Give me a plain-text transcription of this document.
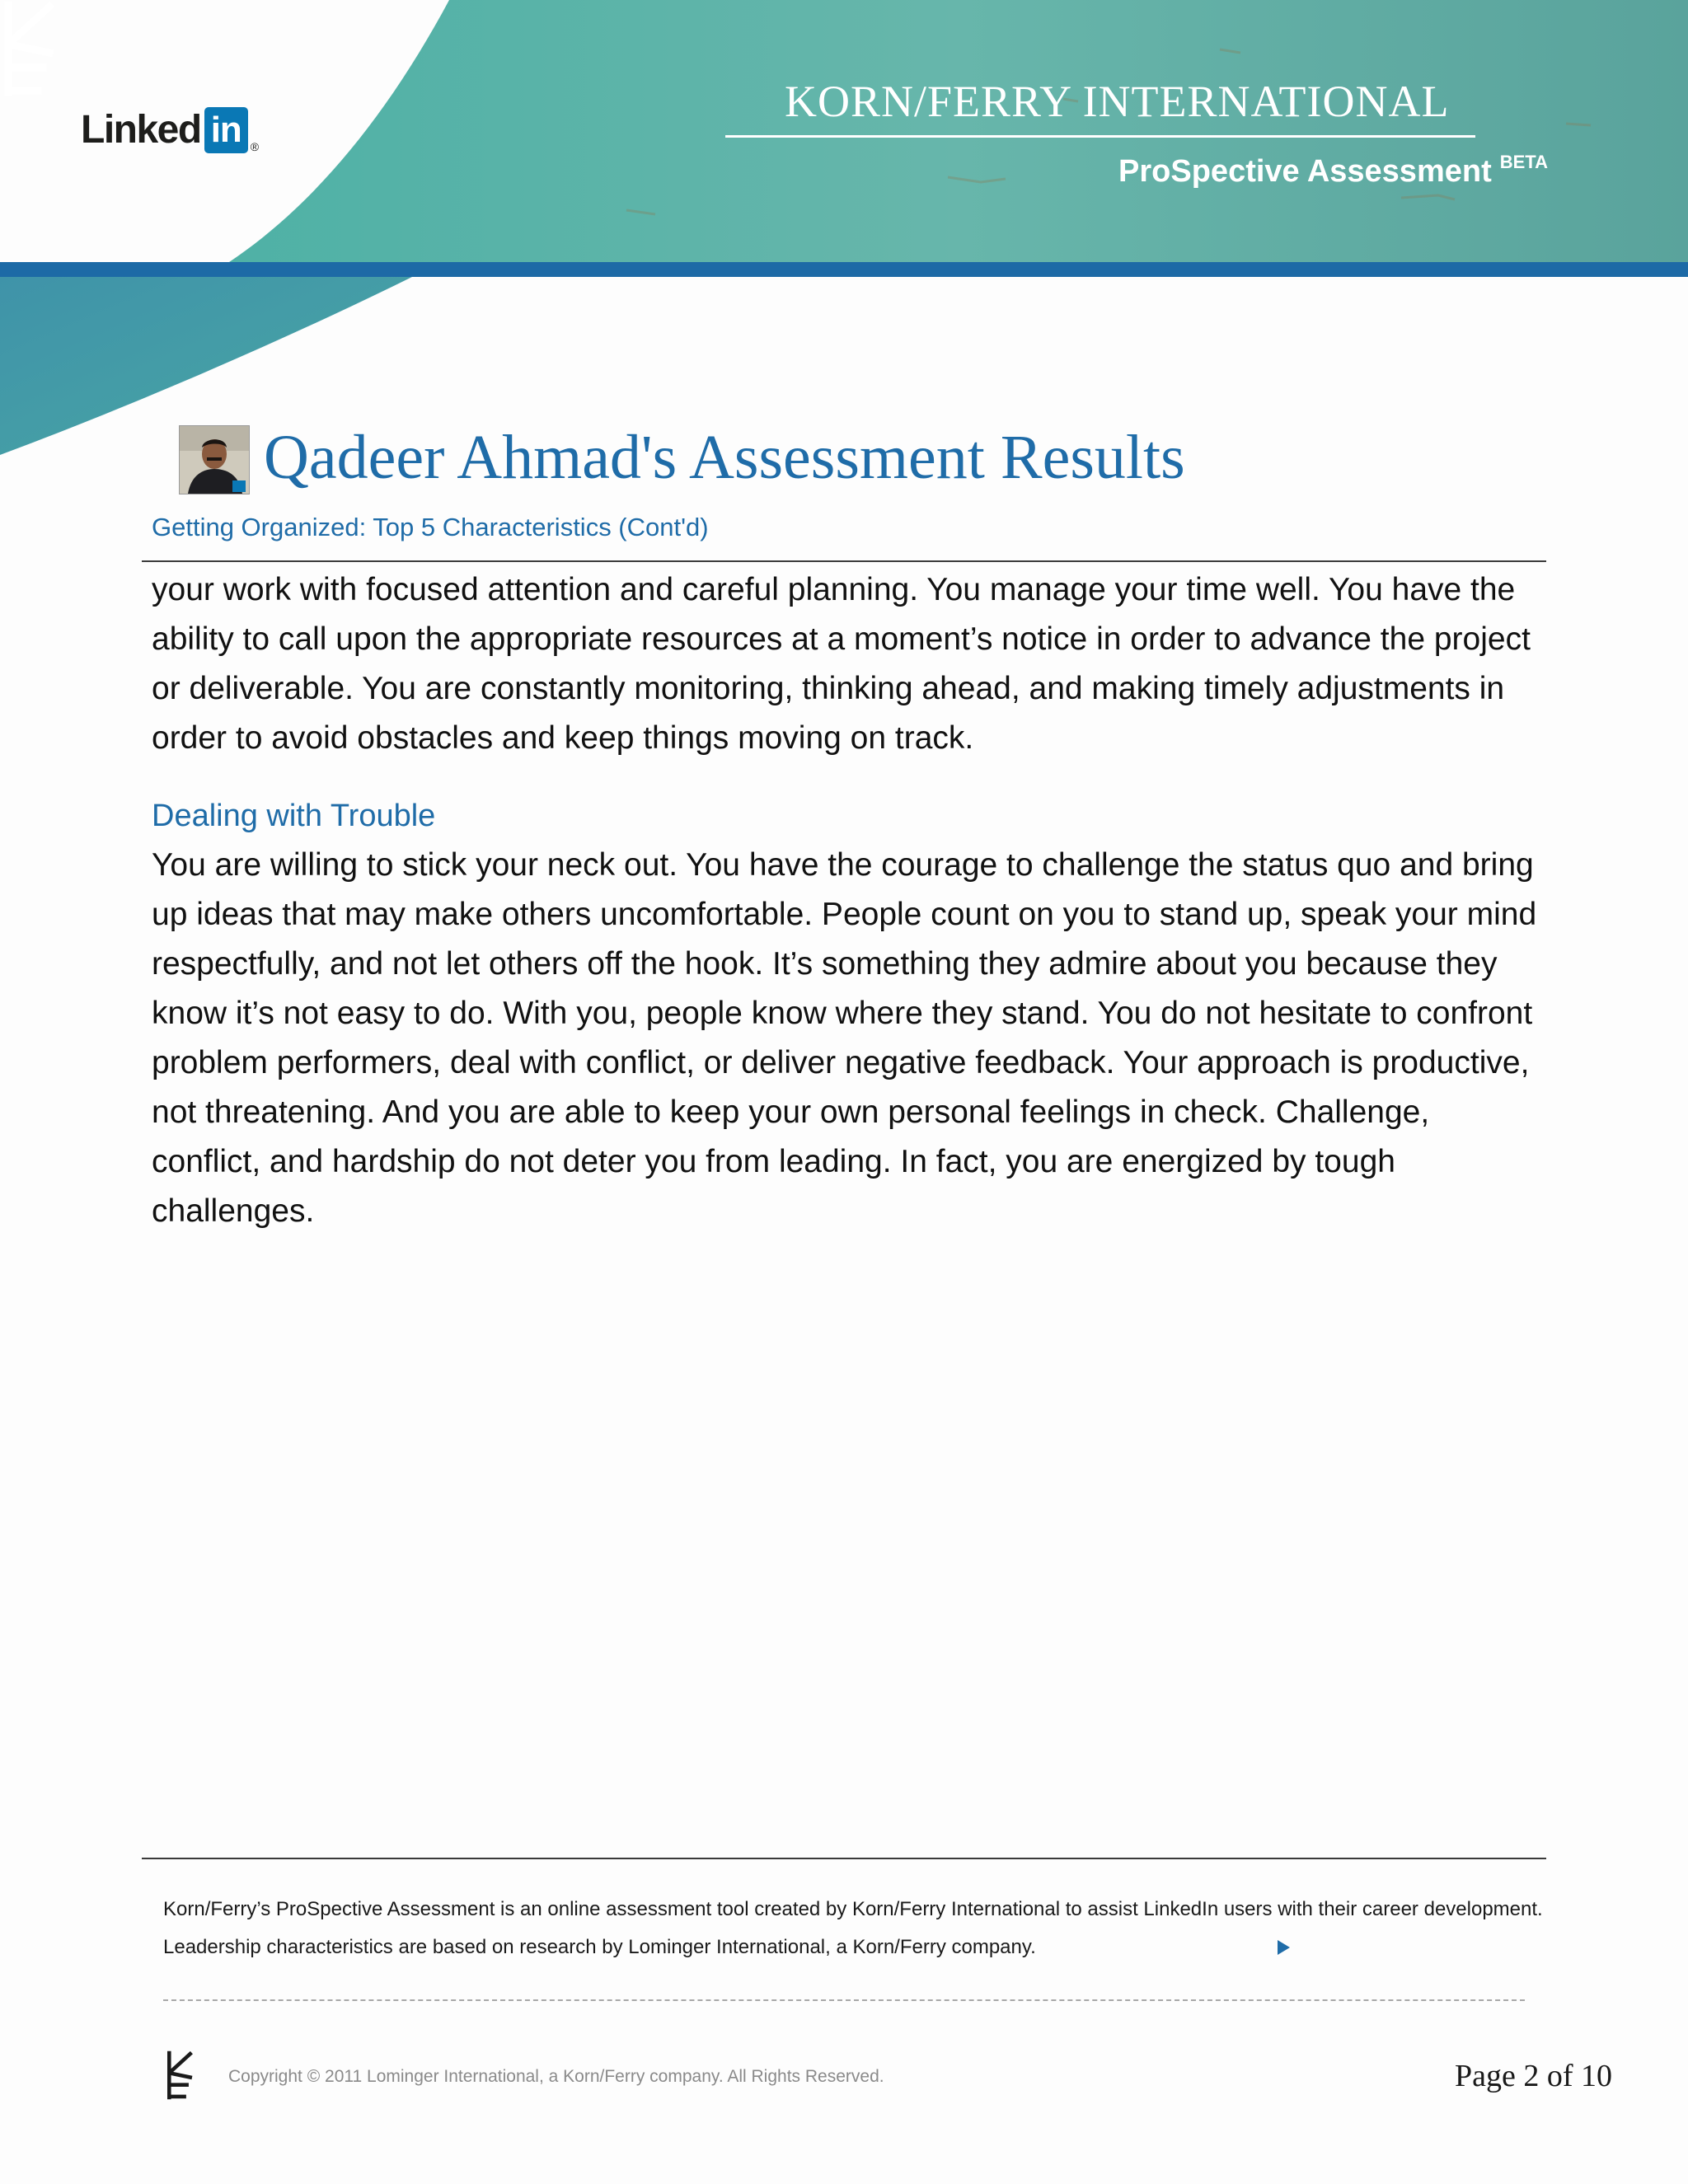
Linked in ®
KORN/FERRY INTERNATIONAL
ProSpective Assessment $^{BETA}$
Qadeer Ahmad's Assessment Results
Getting Organized: Top 5 Characteristics (Cont'd)

your work with focused attention and careful planning. You manage your time well. You have the ability to call upon the appropriate resources at a moment’s notice in order to advance the project or deliverable. You are constantly monitoring, thinking ahead, and making timely adjustments in order to avoid obstacles and keep things moving on track.

Dealing with Trouble

You are willing to stick your neck out. You have the courage to challenge the status quo and bring up ideas that may make others uncomfortable. People count on you to stand up, speak your mind respectfully, and not let others off the hook. It’s something they admire about you because they know it’s not easy to do. With you, people know where they stand. You do not hesitate to confront problem performers, deal with conflict, or deliver negative feedback. Your approach is productive, not threatening. And you are able to keep your own personal feelings in check. Challenge, conflict, and hardship do not deter you from leading. In fact, you are energized by tough challenges.

Korn/Ferry’s ProSpective Assessment is an online assessment tool created by Korn/Ferry International to assist LinkedIn users with their career development. Leadership characteristics are based on research by Lominger International, a Korn/Ferry company.

Copyright © 2011 Lominger International, a Korn/Ferry company. All Rights Reserved.	Page 2 of 10
